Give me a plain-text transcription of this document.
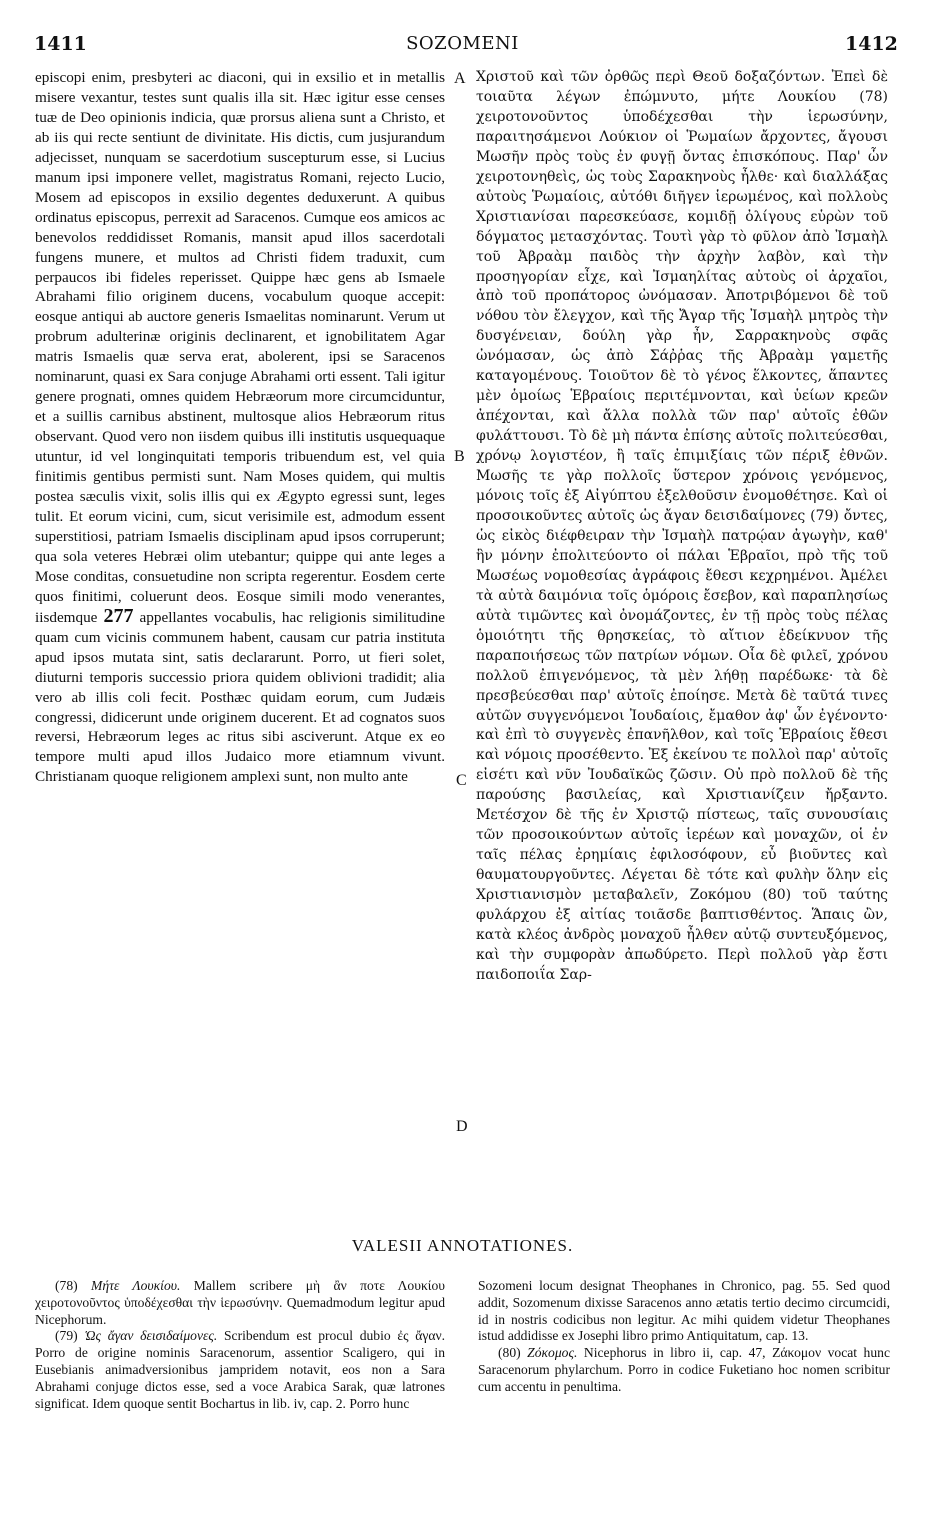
1411	SOZOMENI	1412

episcopi enim, presbyteri ac diaconi, qui in exsilio et in metallis misere vexantur, testes sunt qualis illa sit. Hæc igitur esse censes tuæ de Deo opinionis indicia, quæ prorsus aliena sunt a Christo, et ab iis qui recte sentiunt de divinitate. His dictis, cum jusjurandum adjecisset, nunquam se sacerdotium suscepturum esse, si Lucius manum ipsi imponere vellet, magistratus Romani, rejecto Lucio, Mosem ad episcopos in exsilio degentes deduxerunt. A quibus ordinatus episcopus, perrexit ad Saracenos. Cumque eos amicos ac benevolos reddidisset Romanis, mansit apud illos sacerdotali fungens munere, et multos ad Christi fidem traduxit, cum perpaucos ibi fideles reperisset. Quippe hæc gens ab Ismaele Abrahami filio originem ducens, vocabulum quoque accepit: eosque antiqui ab auctore generis Ismaelitas nominarunt. Verum ut probrum adulterinæ originis declinarent, et ignobilitatem Agar matris Ismaelis quæ serva erat, abolerent, ipsi se Saracenos nominarunt, quasi ex Sara conjuge Abrahami orti essent. Tali igitur genere prognati, omnes quidem Hebræorum more circumciduntur, et a suillis carnibus abstinent, multosque alios Hebræorum ritus observant. Quod vero non iisdem quibus illi institutis usquequaque utuntur, id vel longinquitati temporis tribuendum est, vel quia finitimis gentibus permisti sunt. Nam Moses quidem, qui multis postea sæculis vixit, solis illis qui ex Ægypto egressi sunt, leges tulit. Et eorum vicini, cum, sicut verisimile est, admodum essent superstitiosi, patriam Ismaelis disciplinam apud ipsos corruperunt; qua sola veteres Hebræi olim utebantur; quippe qui ante leges a Mose conditas, consuetudine non scripta regerentur. Eosdem certe quos finitimi, coluerunt deos. Eosque simili modo venerantes, iisdemque 277 appellantes vocabulis, hac religionis similitudine quam cum vicinis communem habent, causam cur patria instituta apud ipsos mutata sint, satis declararunt. Porro, ut fieri solet, diuturni temporis successio priora quidem oblivioni tradidit; alia vero ab illis coli fecit. Posthæc quidam eorum, cum Judæis congressi, didicerunt unde originem ducerent. Et ad cognatos suos reversi, Hebræorum leges ac ritus sibi asciverunt. Atque ex eo tempore multi apud illos Judaico more etiamnum vivunt. Christianam quoque religionem amplexi sunt, non multo ante

A
B
C
D

Χριστοῦ καὶ τῶν ὀρθῶς περὶ Θεοῦ δοξαζόντων. Ἐπεὶ δὲ τοιαῦτα λέγων ἐπώμνυτο, μήτε Λουκίου (78) χειροτονοῦντος ὑποδέχεσθαι τὴν ἱερωσύνην, παραιτησάμενοι Λούκιον οἱ Ῥωμαίων ἄρχοντες, ἄγουσι Μωσῆν πρὸς τοὺς ἐν φυγῇ ὄντας ἐπισκόπους. Παρ' ὧν χειροτονηθεὶς, ὡς τοὺς Σαρακηνοὺς ἦλθε· καὶ διαλλάξας αὐτοὺς Ῥωμαίοις, αὐτόθι διῆγεν ἱερωμένος, καὶ πολλοὺς Χριστιανίσαι παρεσκεύασε, κομιδῇ ὀλίγους εὑρὼν τοῦ δόγματος μετασχόντας. Τουτὶ γὰρ τὸ φῦλον ἀπὸ Ἰσμαὴλ τοῦ Ἀβραὰμ παιδὸς τὴν ἀρχὴν λαβὸν, καὶ τὴν προσηγορίαν εἶχε, καὶ Ἰσμαηλίτας αὐτοὺς οἱ ἀρχαῖοι, ἀπὸ τοῦ προπάτορος ὠνόμασαν. Ἀποτριβόμενοι δὲ τοῦ νόθου τὸν ἔλεγχον, καὶ τῆς Ἄγαρ τῆς Ἰσμαὴλ μητρὸς τὴν δυσγένειαν, δούλη γὰρ ἦν, Σαρρακηνοὺς σφᾶς ὠνόμασαν, ὡς ἀπὸ Σάῤῥας τῆς Ἀβραὰμ γαμετῆς καταγομένους. Τοιοῦτον δὲ τὸ γένος ἕλκοντες, ἅπαντες μὲν ὁμοίως Ἑβραίοις περιτέμνονται, καὶ ὑείων κρεῶν ἀπέχονται, καὶ ἄλλα πολλὰ τῶν παρ' αὐτοῖς ἐθῶν φυλάττουσι. Τὸ δὲ μὴ πάντα ἐπίσης αὐτοῖς πολιτεύεσθαι, χρόνῳ λογιστέον, ἢ ταῖς ἐπιμιξίαις τῶν πέριξ ἐθνῶν. Μωσῆς τε γὰρ πολλοῖς ὕστερον χρόνοις γενόμενος, μόνοις τοῖς ἐξ Αἰγύπτου ἐξελθοῦσιν ἐνομοθέτησε. Καὶ οἱ προσοικοῦντες αὐτοῖς ὡς ἄγαν δεισιδαίμονες (79) ὄντες, ὡς εἰκὸς διέφθειραν τὴν Ἰσμαὴλ πατρῴαν ἀγωγὴν, καθ' ἣν μόνην ἐπολιτεύοντο οἱ πάλαι Ἑβραῖοι, πρὸ τῆς τοῦ Μωσέως νομοθεσίας ἀγράφοις ἔθεσι κεχρημένοι. Ἀμέλει τὰ αὐτὰ δαιμόνια τοῖς ὁμόροις ἔσεβον, καὶ παραπλησίως αὐτὰ τιμῶντες καὶ ὀνομάζοντες, ἐν τῇ πρὸς τοὺς πέλας ὁμοιότητι τῆς θρησκείας, τὸ αἴτιον ἐδείκνυον τῆς παραποιήσεως τῶν πατρίων νόμων. Οἷα δὲ φιλεῖ, χρόνου πολλοῦ ἐπιγενόμενος, τὰ μὲν λήθῃ παρέδωκε· τὰ δὲ πρεσβεύεσθαι παρ' αὐτοῖς ἐποίησε. Μετὰ δὲ ταῦτά τινες αὐτῶν συγγενόμενοι Ἰουδαίοις, ἔμαθον ἀφ' ὧν ἐγένοντο· καὶ ἐπὶ τὸ συγγενὲς ἐπανῆλθον, καὶ τοῖς Ἑβραίοις ἔθεσι καὶ νόμοις προσέθεντο. Ἐξ ἐκείνου τε πολλοὶ παρ' αὐτοῖς εἰσέτι καὶ νῦν Ἰουδαϊκῶς ζῶσιν. Οὐ πρὸ πολλοῦ δὲ τῆς παρούσης βασιλείας, καὶ Χριστιανίζειν ἤρξαντο. Μετέσχον δὲ τῆς ἐν Χριστῷ πίστεως, ταῖς συνουσίαις τῶν προσοικούντων αὐτοῖς ἱερέων καὶ μοναχῶν, οἱ ἐν ταῖς πέλας ἐρημίαις ἐφιλοσόφουν, εὖ βιοῦντες καὶ θαυματουργοῦντες. Λέγεται δὲ τότε καὶ φυλὴν ὅλην εἰς Χριστιανισμὸν μεταβαλεῖν, Ζοκόμου (80) τοῦ ταύτης φυλάρχου ἐξ αἰτίας τοιᾶσδε βαπτισθέντος. Ἅπαις ὢν, κατὰ κλέος ἀνδρὸς μοναχοῦ ἦλθεν αὐτῷ συντευξόμενος, καὶ τὴν συμφορὰν ἀπωδύρετο. Περὶ πολλοῦ γὰρ ἔστι παιδοποιΐα Σαρ-

VALESII ANNOTATIONES.

(78) Μήτε Λουκίου. Mallem scribere μὴ ἂν ποτε Λουκίου χειροτονοῦντος ὑποδέχεσθαι τὴν ἱερωσύνην. Quemadmodum legitur apud Nicephorum.

(79) Ὡς ἄγαν δεισιδαίμονες. Scribendum est procul dubio ἐς ἄγαν. Porro de origine nominis Saracenorum, assentior Scaligero, qui in Eusebianis animadversionibus jampridem notavit, eos non a Sara Abrahami conjuge dictos esse, sed a voce Arabica Sarak, quæ latrones significat. Idem quoque sentit Bochartus in lib. iv, cap. 2. Porro hunc

Sozomeni locum designat Theophanes in Chronico, pag. 55. Sed quod addit, Sozomenum dixisse Saracenos anno ætatis tertio decimo circumcidi, id in nostris codicibus non legitur. Ac mihi quidem videtur Theophanes istud addidisse ex Josephi libro primo Antiquitatum, cap. 13.

(80) Ζόκομος. Nicephorus in libro ii, cap. 47, Ζάκομον vocat hunc Saracenorum phylarchum. Porro in codice Fuketiano hoc nomen scribitur cum accentu in penultima.
